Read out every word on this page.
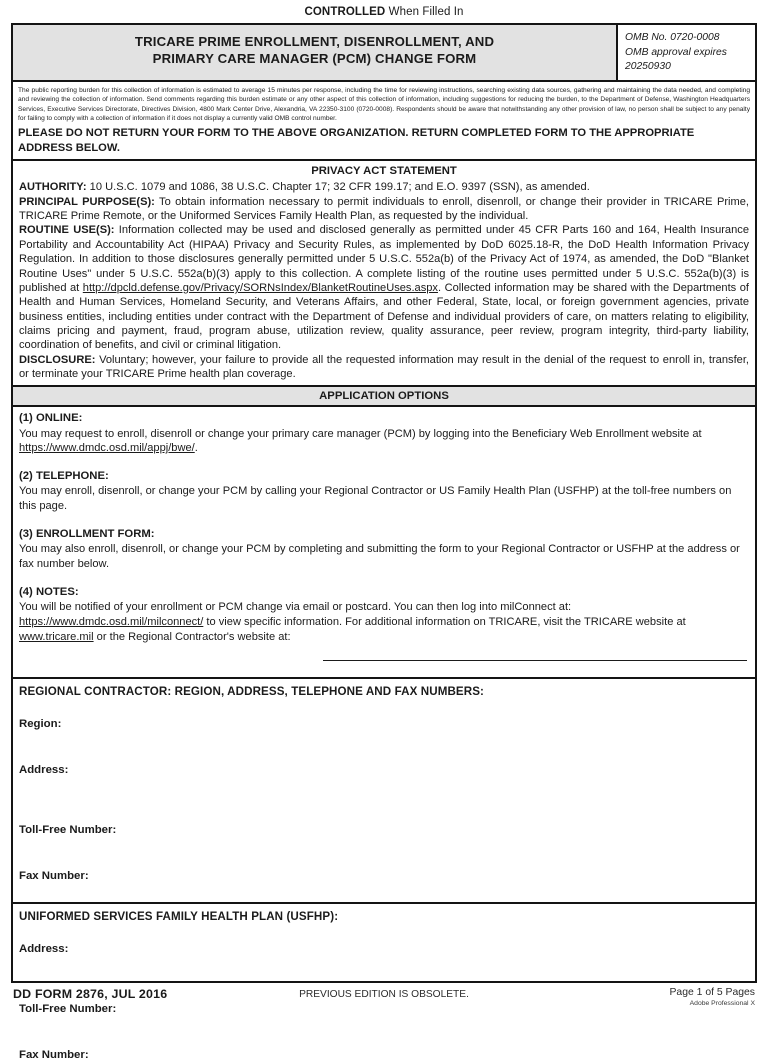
CONTROLLED When Filled In
TRICARE PRIME ENROLLMENT, DISENROLLMENT, AND
PRIMARY CARE MANAGER (PCM) CHANGE FORM
OMB No. 0720-0008
OMB approval expires
20250930
The public reporting burden for this collection of information is estimated to average 15 minutes per response, including the time for reviewing instructions, searching existing data sources, gathering and maintaining the data needed, and completing and reviewing the collection of information. Send comments regarding this burden estimate or any other aspect of this collection of information, including suggestions for reducing the burden, to the Department of Defense, Washington Headquarters Services, Executive Services Directorate, Directives Division, 4800 Mark Center Drive, Alexandria, VA 22350-3100 (0720-0008). Respondents should be aware that notwithstanding any other provision of law, no person shall be subject to any penalty for failing to comply with a collection of information if it does not display a currently valid OMB control number.
PLEASE DO NOT RETURN YOUR FORM TO THE ABOVE ORGANIZATION. RETURN COMPLETED FORM TO THE APPROPRIATE ADDRESS BELOW.
PRIVACY ACT STATEMENT
AUTHORITY: 10 U.S.C. 1079 and 1086, 38 U.S.C. Chapter 17; 32 CFR 199.17; and E.O. 9397 (SSN), as amended.
PRINCIPAL PURPOSE(S): To obtain information necessary to permit individuals to enroll, disenroll, or change their provider in TRICARE Prime, TRICARE Prime Remote, or the Uniformed Services Family Health Plan, as requested by the individual.
ROUTINE USE(S): Information collected may be used and disclosed generally as permitted under 45 CFR Parts 160 and 164, Health Insurance Portability and Accountability Act (HIPAA) Privacy and Security Rules, as implemented by DoD 6025.18-R, the DoD Health Information Privacy Regulation. In addition to those disclosures generally permitted under 5 U.S.C. 552a(b) of the Privacy Act of 1974, as amended, the DoD "Blanket Routine Uses" under 5 U.S.C. 552a(b)(3) apply to this collection. A complete listing of the routine uses permitted under 5 U.S.C. 552a(b)(3) is published at http://dpcld.defense.gov/Privacy/SORNsIndex/BlanketRoutineUses.aspx. Collected information may be shared with the Departments of Health and Human Services, Homeland Security, and Veterans Affairs, and other Federal, State, local, or foreign government agencies, private business entities, including entities under contract with the Department of Defense and individual providers of care, on matters relating to eligibility, claims pricing and payment, fraud, program abuse, utilization review, quality assurance, peer review, program integrity, third-party liability, coordination of benefits, and civil or criminal litigation.
DISCLOSURE: Voluntary; however, your failure to provide all the requested information may result in the denial of the request to enroll in, transfer, or terminate your TRICARE Prime health plan coverage.
APPLICATION OPTIONS
(1) ONLINE:
You may request to enroll, disenroll or change your primary care manager (PCM) by logging into the Beneficiary Web Enrollment website at https://www.dmdc.osd.mil/appj/bwe/.
(2) TELEPHONE:
You may enroll, disenroll, or change your PCM by calling your Regional Contractor or US Family Health Plan (USFHP) at the toll-free numbers on this page.
(3) ENROLLMENT FORM:
You may also enroll, disenroll, or change your PCM by completing and submitting the form to your Regional Contractor or USFHP at the address or fax number below.
(4) NOTES:
You will be notified of your enrollment or PCM change via email or postcard. You can then log into milConnect at: https://www.dmdc.osd.mil/milconnect/ to view specific information. For additional information on TRICARE, visit the TRICARE website at www.tricare.mil or the Regional Contractor's website at:
REGIONAL CONTRACTOR: REGION, ADDRESS, TELEPHONE AND FAX NUMBERS:
Region:
Address:
Toll-Free Number:
Fax Number:
UNIFORMED SERVICES FAMILY HEALTH PLAN (USFHP):
Address:
Toll-Free Number:
Fax Number:
DD FORM 2876, JUL 2016	PREVIOUS EDITION IS OBSOLETE.	Page 1 of 5 Pages
Adobe Professional X
